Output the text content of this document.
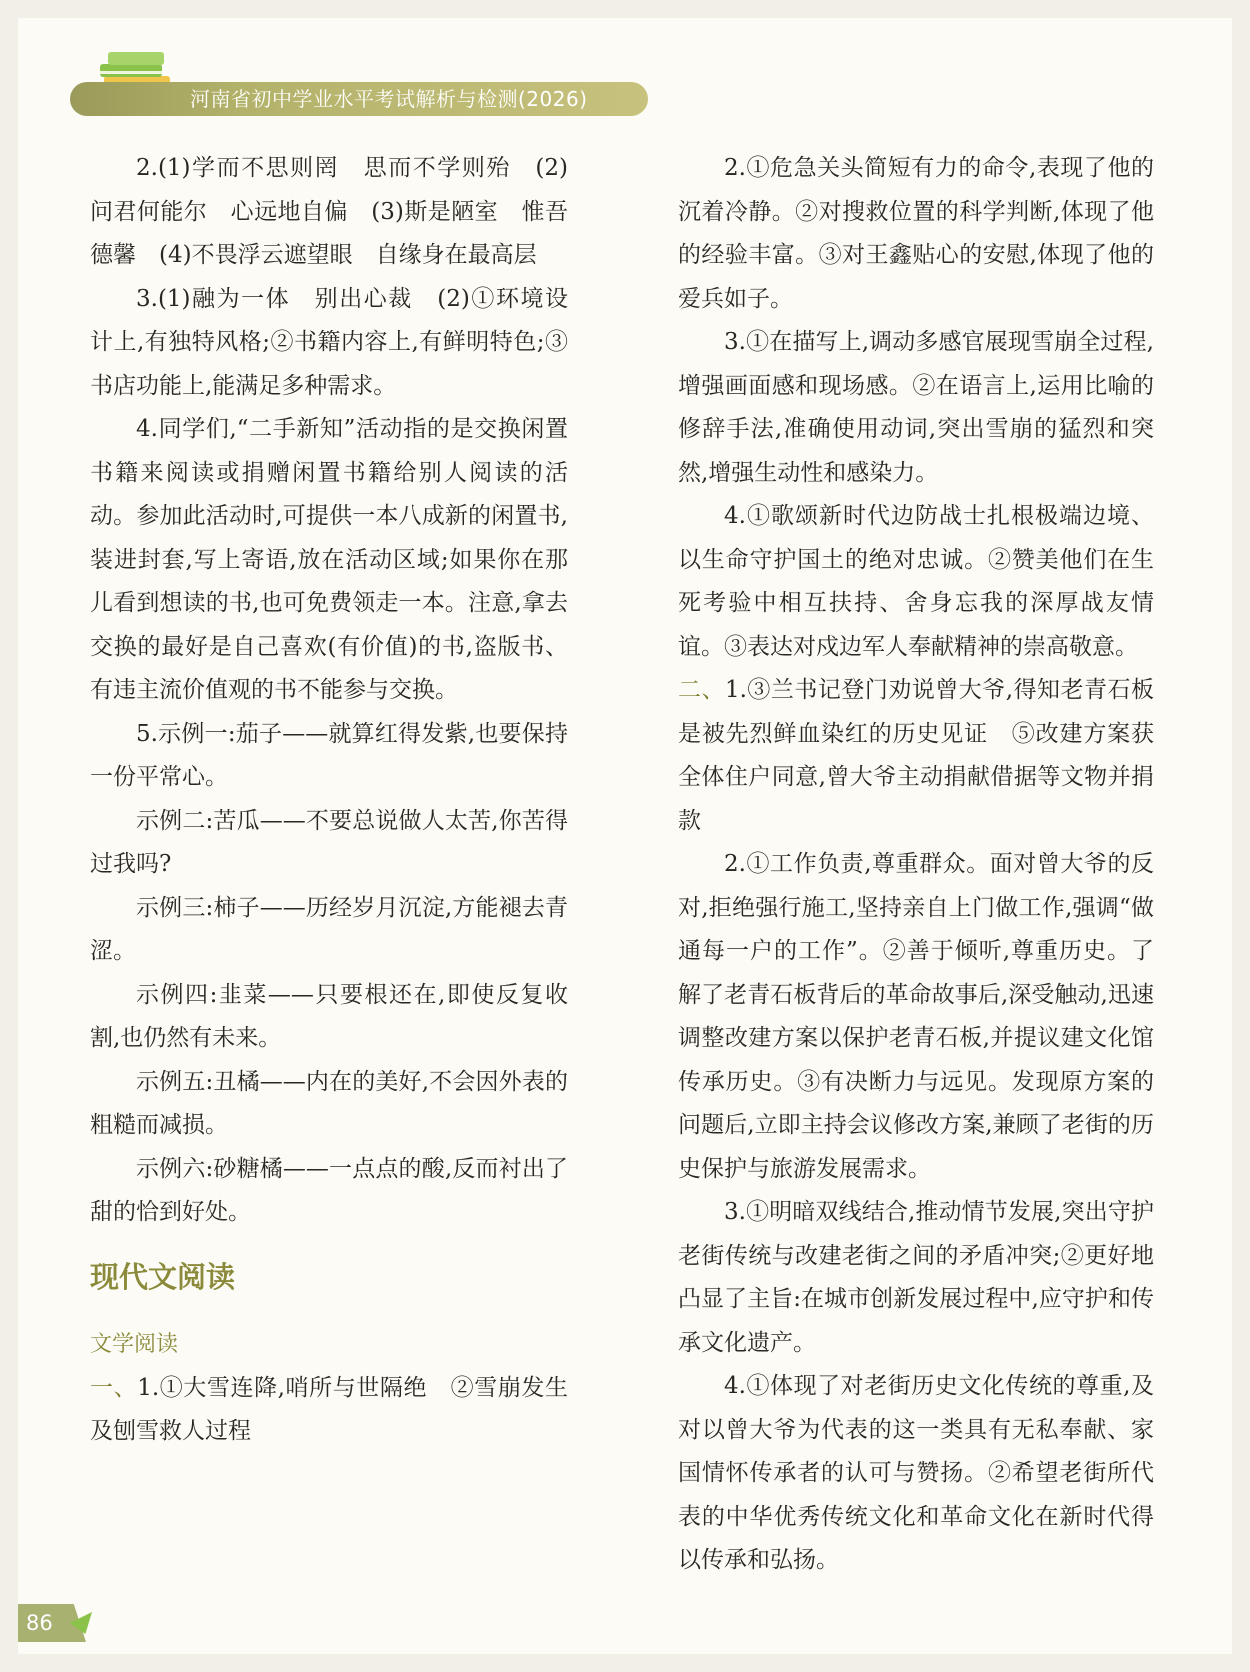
河南省初中学业水平考试解析与检测(2026)

2.(1)学而不思则罔　思而不学则殆　(2)问君何能尔　心远地自偏　(3)斯是陋室　惟吾德馨　(4)不畏浮云遮望眼　自缘身在最高层

3.(1)融为一体　别出心裁　(2)①环境设计上,有独特风格;②书籍内容上,有鲜明特色;③书店功能上,能满足多种需求。

4.同学们,“二手新知”活动指的是交换闲置书籍来阅读或捐赠闲置书籍给别人阅读的活动。参加此活动时,可提供一本八成新的闲置书,装进封套,写上寄语,放在活动区域;如果你在那儿看到想读的书,也可免费领走一本。注意,拿去交换的最好是自己喜欢(有价值)的书,盗版书、有违主流价值观的书不能参与交换。

5.示例一:茄子——就算红得发紫,也要保持一份平常心。

示例二:苦瓜——不要总说做人太苦,你苦得过我吗?

示例三:柿子——历经岁月沉淀,方能褪去青涩。

示例四:韭菜——只要根还在,即使反复收割,也仍然有未来。

示例五:丑橘——内在的美好,不会因外表的粗糙而减损。

示例六:砂糖橘——一点点的酸,反而衬出了甜的恰到好处。

现代文阅读

文学阅读

一、1.①大雪连降,哨所与世隔绝　②雪崩发生及刨雪救人过程

2.①危急关头简短有力的命令,表现了他的沉着冷静。②对搜救位置的科学判断,体现了他的经验丰富。③对王鑫贴心的安慰,体现了他的爱兵如子。

3.①在描写上,调动多感官展现雪崩全过程,增强画面感和现场感。②在语言上,运用比喻的修辞手法,准确使用动词,突出雪崩的猛烈和突然,增强生动性和感染力。

4.①歌颂新时代边防战士扎根极端边境、以生命守护国土的绝对忠诚。②赞美他们在生死考验中相互扶持、舍身忘我的深厚战友情谊。③表达对戍边军人奉献精神的崇高敬意。

二、1.③兰书记登门劝说曾大爷,得知老青石板是被先烈鲜血染红的历史见证　⑤改建方案获全体住户同意,曾大爷主动捐献借据等文物并捐款

2.①工作负责,尊重群众。面对曾大爷的反对,拒绝强行施工,坚持亲自上门做工作,强调“做通每一户的工作”。②善于倾听,尊重历史。了解了老青石板背后的革命故事后,深受触动,迅速调整改建方案以保护老青石板,并提议建文化馆传承历史。③有决断力与远见。发现原方案的问题后,立即主持会议修改方案,兼顾了老街的历史保护与旅游发展需求。

3.①明暗双线结合,推动情节发展,突出守护老街传统与改建老街之间的矛盾冲突;②更好地凸显了主旨:在城市创新发展过程中,应守护和传承文化遗产。

4.①体现了对老街历史文化传统的尊重,及对以曾大爷为代表的这一类具有无私奉献、家国情怀传承者的认可与赞扬。②希望老街所代表的中华优秀传统文化和革命文化在新时代得以传承和弘扬。

86
